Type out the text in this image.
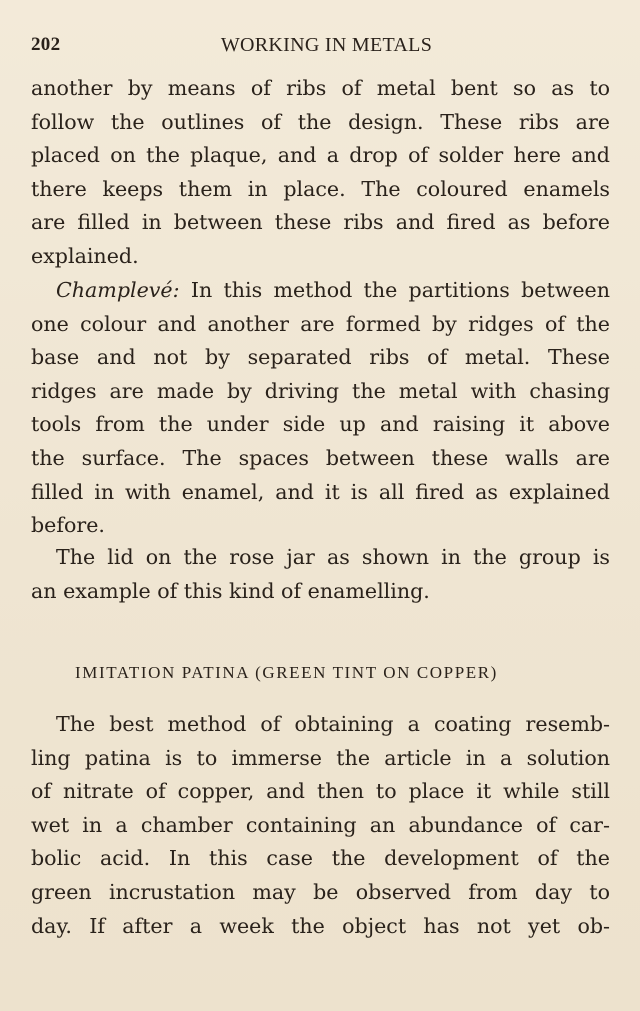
202	WORKING IN METALS
another by means of ribs of metal bent so as to
follow the outlines of the design. These ribs are
placed on the plaque, and a drop of solder here and
there keeps them in place. The coloured enamels
are filled in between these ribs and fired as before
explained.
Champlevé: In this method the partitions between
one colour and another are formed by ridges of the
base and not by separated ribs of metal. These
ridges are made by driving the metal with chasing
tools from the under side up and raising it above
the surface. The spaces between these walls are
filled in with enamel, and it is all fired as explained
before.
The lid on the rose jar as shown in the group is
an example of this kind of enamelling.
IMITATION PATINA (GREEN TINT ON COPPER)
The best method of obtaining a coating resemb-
ling patina is to immerse the article in a solution
of nitrate of copper, and then to place it while still
wet in a chamber containing an abundance of car-
bolic acid. In this case the development of the
green incrustation may be observed from day to
day. If after a week the object has not yet ob-
